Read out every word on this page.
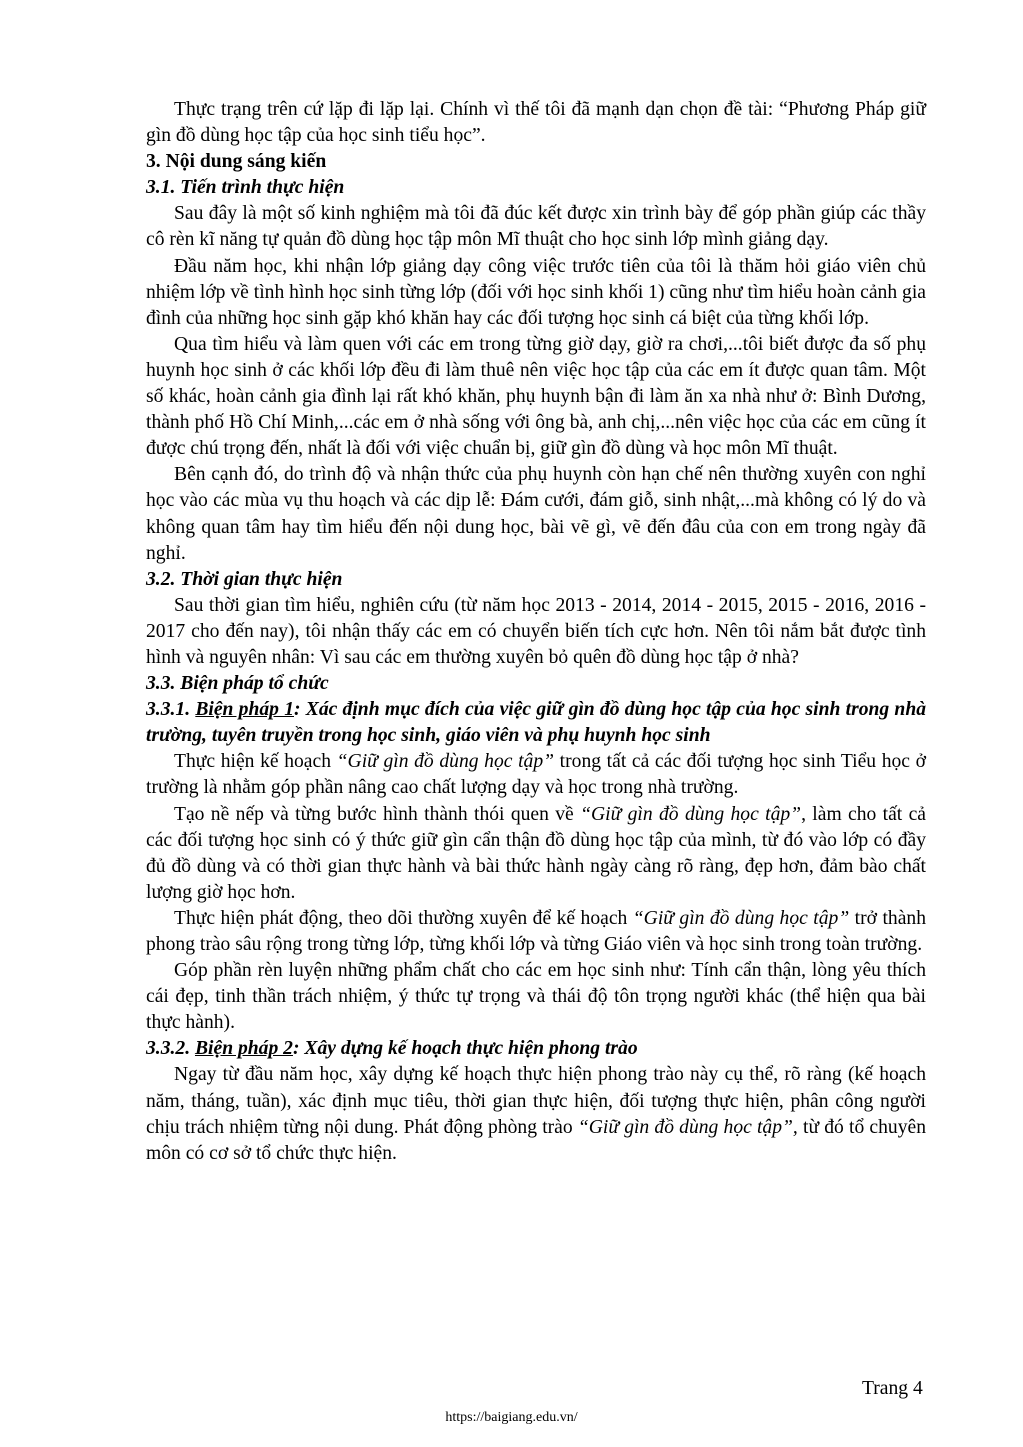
Thực trạng trên cứ lặp đi lặp lại. Chính vì thế tôi đã mạnh dạn chọn đề tài: “Phương Pháp giữ gìn đồ dùng học tập của học sinh tiểu học”.

3. Nội dung sáng kiến

3.1. Tiến trình thực hiện

Sau đây là một số kinh nghiệm mà tôi đã đúc kết được xin trình bày để góp phần giúp các thầy cô rèn kĩ năng tự quản đồ dùng học tập môn Mĩ thuật cho học sinh lớp mình giảng dạy.

Đầu năm học, khi nhận lớp giảng dạy công việc trước tiên của tôi là thăm hỏi giáo viên chủ nhiệm lớp về tình hình học sinh từng lớp (đối với học sinh khối 1) cũng như tìm hiểu hoàn cảnh gia đình của những học sinh gặp khó khăn hay các đối tượng học sinh cá biệt của từng khối lớp.

Qua tìm hiểu và làm quen với các em trong từng giờ dạy, giờ ra chơi,...tôi biết được đa số phụ huynh học sinh ở các khối lớp đều đi làm thuê nên việc học tập của các em ít được quan tâm. Một số khác, hoàn cảnh gia đình lại rất khó khăn, phụ huynh bận đi làm ăn xa nhà như ở: Bình Dương, thành phố Hồ Chí Minh,...các em ở nhà sống với ông bà, anh chị,...nên việc học của các em cũng ít được chú trọng đến, nhất là đối với việc chuẩn bị, giữ gìn đồ dùng và học môn Mĩ thuật.

Bên cạnh đó, do trình độ và nhận thức của phụ huynh còn hạn chế nên thường xuyên con nghỉ học vào các mùa vụ thu hoạch và các dịp lễ: Đám cưới, đám giỗ, sinh nhật,...mà không có lý do và không quan tâm hay tìm hiểu đến nội dung học, bài vẽ gì, vẽ đến đâu của con em trong ngày đã nghỉ.

3.2. Thời gian thực hiện

Sau thời gian tìm hiểu, nghiên cứu (từ năm học 2013 - 2014, 2014 - 2015, 2015 - 2016, 2016 - 2017 cho đến nay), tôi nhận thấy các em có chuyển biến tích cực hơn. Nên tôi nắm bắt được tình hình và nguyên nhân: Vì sau các em thường xuyên bỏ quên đồ dùng học tập ở nhà?

3.3. Biện pháp tổ chức

3.3.1. Biện pháp 1: Xác định mục đích của việc giữ gìn đồ dùng học tập của học sinh trong nhà trường, tuyên truyền trong học sinh, giáo viên và phụ huynh học sinh

Thực hiện kế hoạch “Giữ gìn đồ dùng học tập” trong tất cả các đối tượng học sinh Tiểu học ở trường là nhằm góp phần nâng cao chất lượng dạy và học trong nhà trường.

Tạo nề nếp và từng bước hình thành thói quen về “Giữ gìn đồ dùng học tập”, làm cho tất cả các đối tượng học sinh có ý thức giữ gìn cẩn thận đồ dùng học tập của mình, từ đó vào lớp có đầy đủ đồ dùng và có thời gian thực hành và bài thức hành ngày càng rõ ràng, đẹp hơn, đảm bào chất lượng giờ học hơn.

Thực hiện phát động, theo dõi thường xuyên để kế hoạch “Giữ gìn đồ dùng học tập” trở thành phong trào sâu rộng trong từng lớp, từng khối lớp và từng Giáo viên và học sinh trong toàn trường.

Góp phần rèn luyện những phẩm chất cho các em học sinh như: Tính cẩn thận, lòng yêu thích cái đẹp, tinh thần trách nhiệm, ý thức tự trọng và thái độ tôn trọng người khác (thể hiện qua bài thực hành).

3.3.2. Biện pháp 2: Xây dựng kế hoạch thực hiện phong trào

Ngay từ đầu năm học, xây dựng kế hoạch thực hiện phong trào này cụ thể, rõ ràng (kế hoạch năm, tháng, tuần), xác định mục tiêu, thời gian thực hiện, đối tượng thực hiện, phân công người chịu trách nhiệm từng nội dung. Phát động phòng trào “Giữ gìn đồ dùng học tập”, từ đó tổ chuyên môn có cơ sở tổ chức thực hiện.

Trang 4
https://baigiang.edu.vn/
